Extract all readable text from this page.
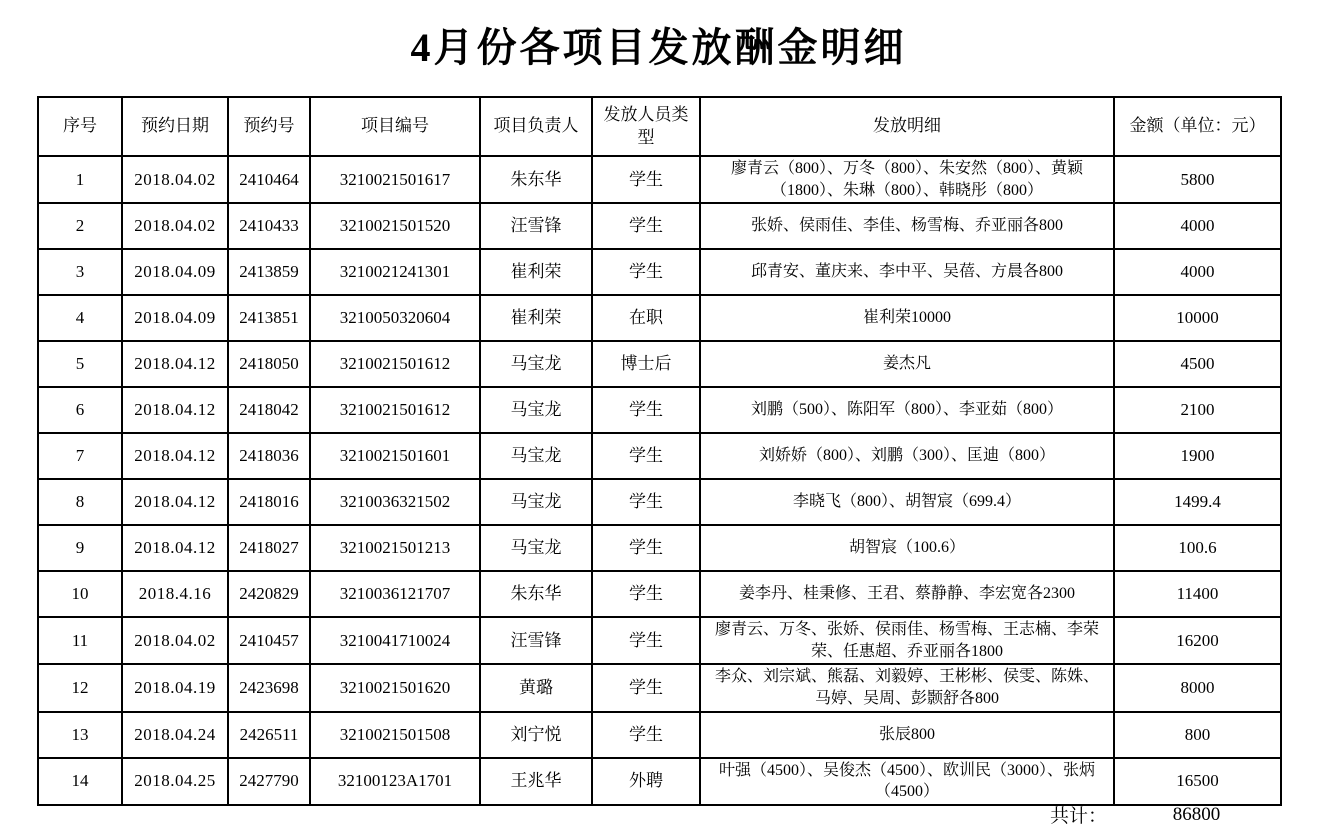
4月份各项目发放酬金明细
序号	预约日期	预约号	项目编号	项目负责人	发放人员类型	发放明细	金额（单位：元）
1	2018.04.02	2410464	3210021501617	朱东华	学生	廖青云（800）、万冬（800）、朱安然（800）、黄颖（1800）、朱琳（800）、韩晓彤（800）	5800
2	2018.04.02	2410433	3210021501520	汪雪锋	学生	张娇、侯雨佳、李佳、杨雪梅、乔亚丽各800	4000
3	2018.04.09	2413859	3210021241301	崔利荣	学生	邱青安、董庆来、李中平、吴蓓、方晨各800	4000
4	2018.04.09	2413851	3210050320604	崔利荣	在职	崔利荣10000	10000
5	2018.04.12	2418050	3210021501612	马宝龙	博士后	姜杰凡	4500
6	2018.04.12	2418042	3210021501612	马宝龙	学生	刘鹏（500）、陈阳军（800）、李亚茹（800）	2100
7	2018.04.12	2418036	3210021501601	马宝龙	学生	刘娇娇（800）、刘鹏（300）、匡迪（800）	1900
8	2018.04.12	2418016	3210036321502	马宝龙	学生	李晓飞（800）、胡智宸（699.4）	1499.4
9	2018.04.12	2418027	3210021501213	马宝龙	学生	胡智宸（100.6）	100.6
10	2018.4.16	2420829	3210036121707	朱东华	学生	姜李丹、桂秉修、王君、蔡静静、李宏宽各2300	11400
11	2018.04.02	2410457	3210041710024	汪雪锋	学生	廖青云、万冬、张娇、侯雨佳、杨雪梅、王志楠、李荣荣、任惠超、乔亚丽各1800	16200
12	2018.04.19	2423698	3210021501620	黄璐	学生	李众、刘宗斌、熊磊、刘毅婷、王彬彬、侯雯、陈姝、马婷、吴周、彭颢舒各800	8000
13	2018.04.24	2426511	3210021501508	刘宁悦	学生	张辰800	800
14	2018.04.25	2427790	32100123A1701	王兆华	外聘	叶强（4500）、吴俊杰（4500）、欧训民（3000）、张炳（4500）	16500
共计：	86800
